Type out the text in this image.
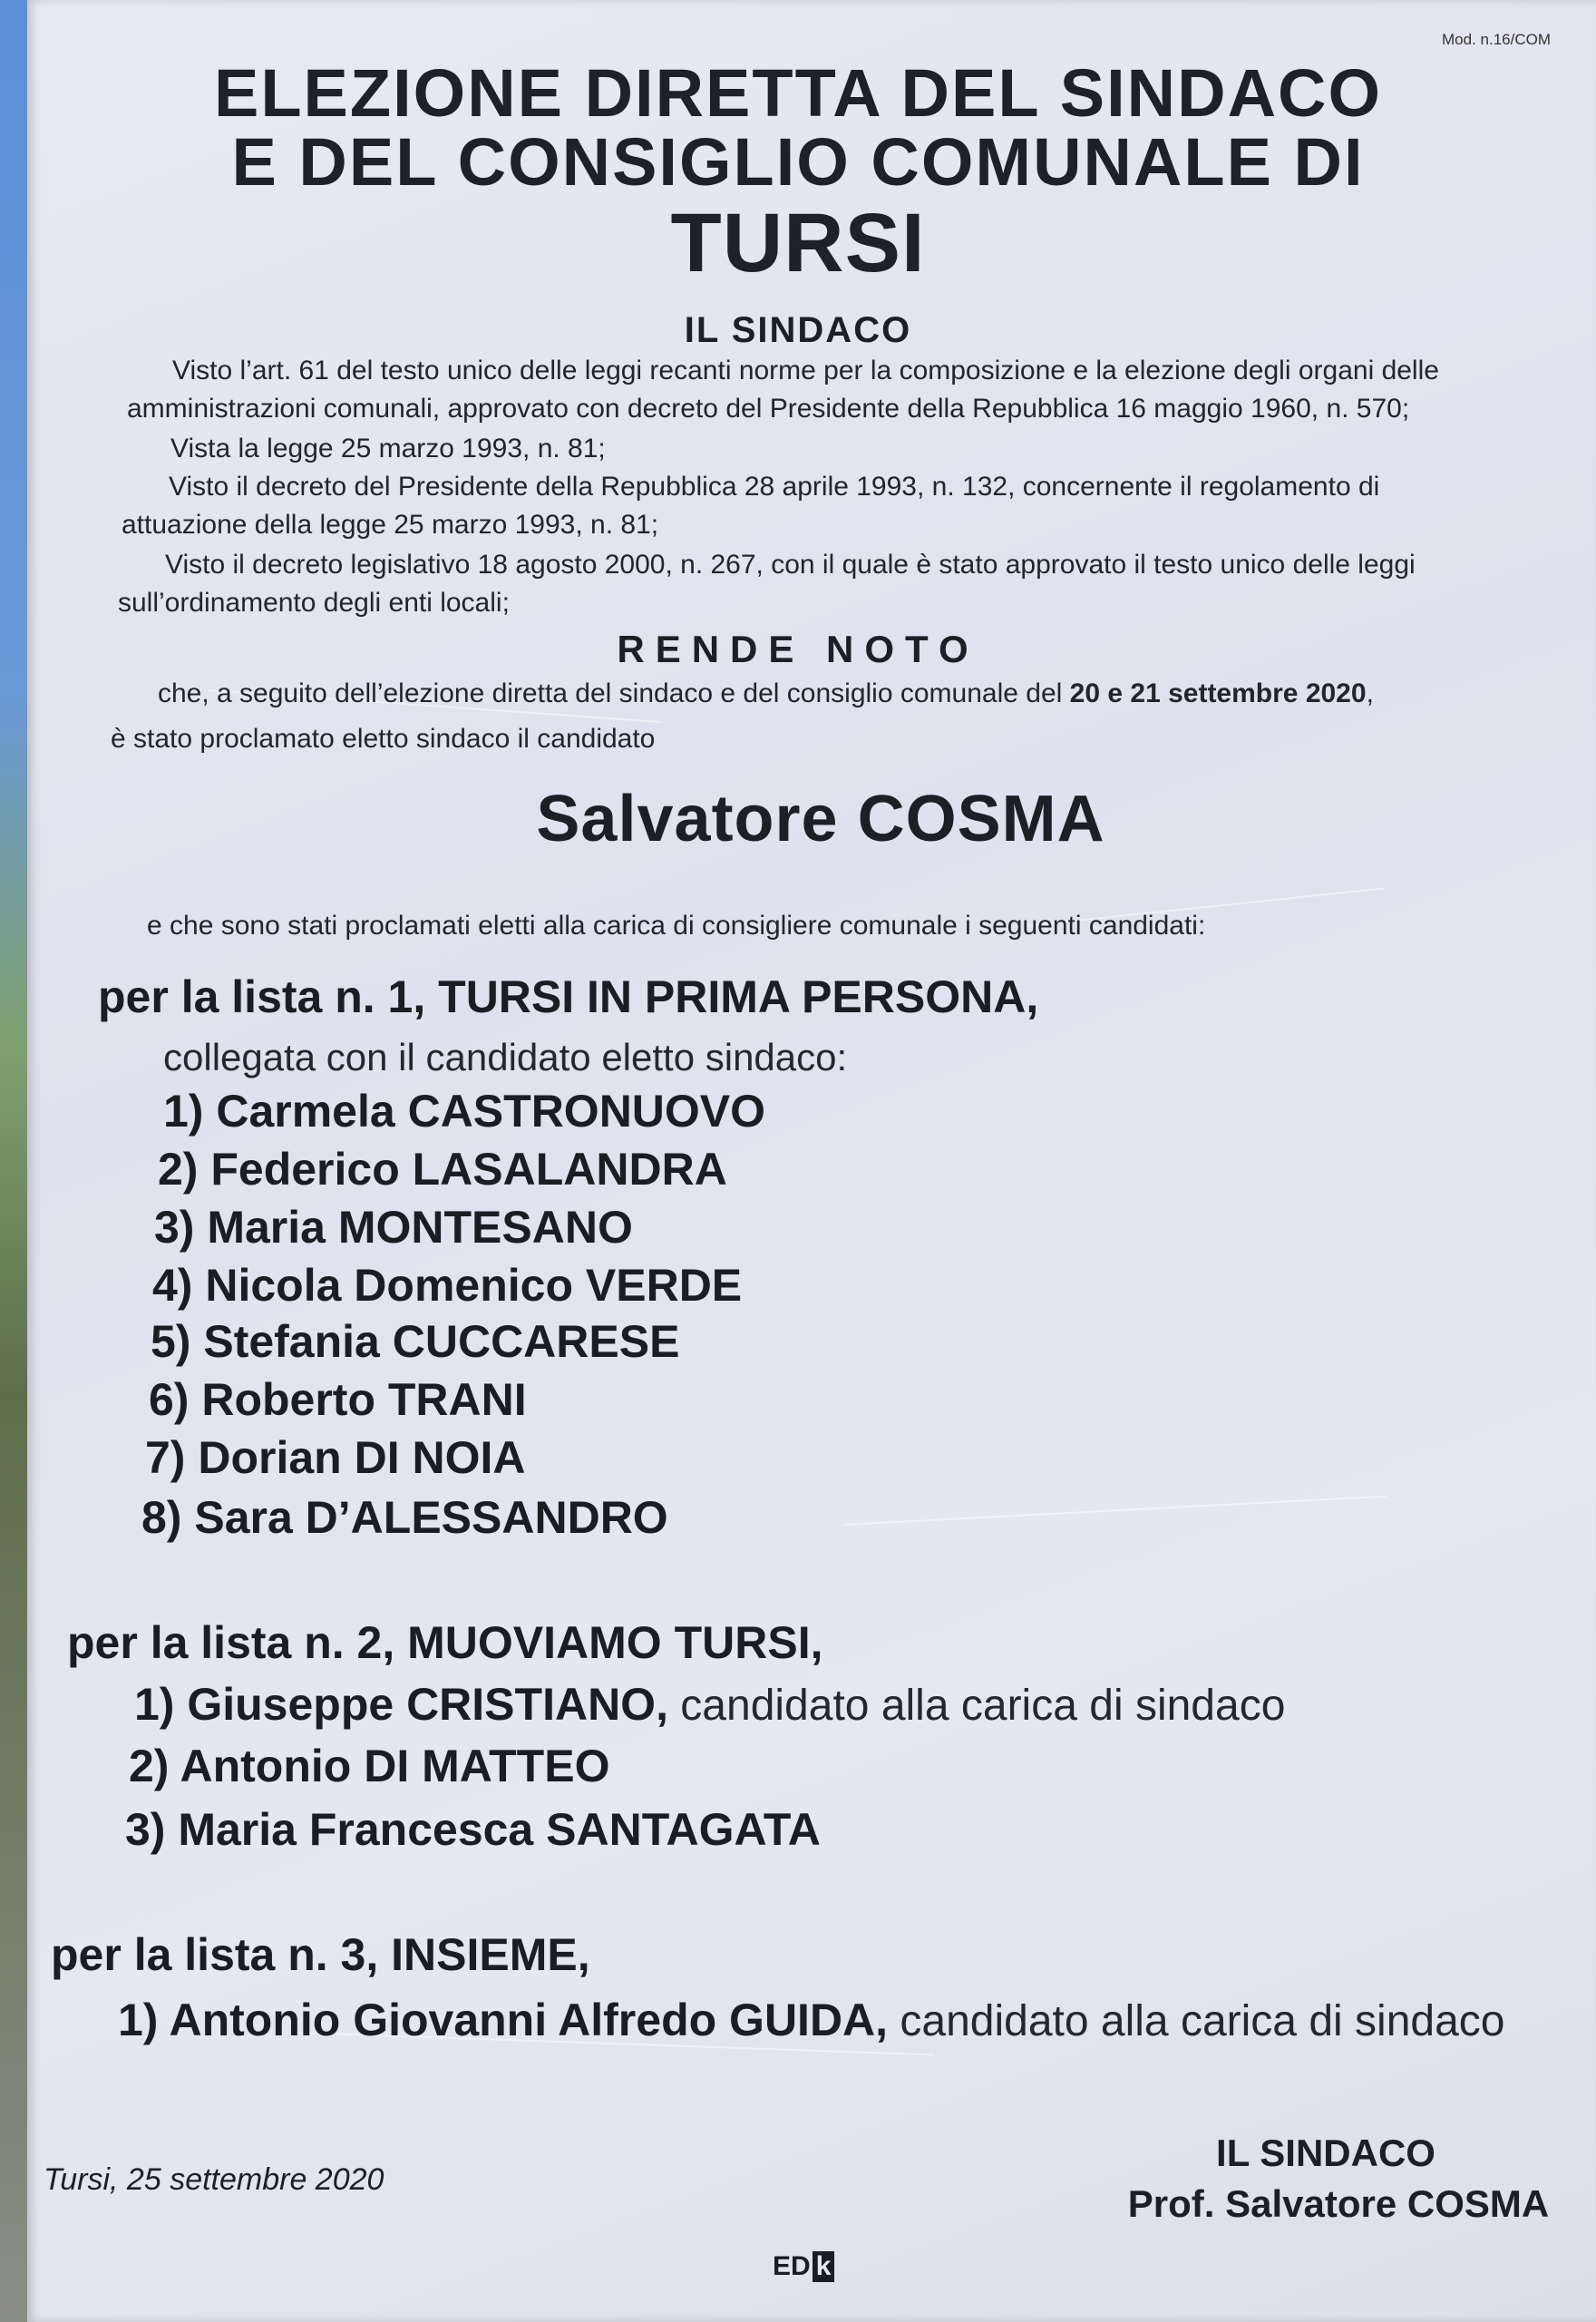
Mod. n.16/COM
ELEZIONE DIRETTA DEL SINDACO
E DEL CONSIGLIO COMUNALE DI
TURSI
IL SINDACO
Visto l’art. 61 del testo unico delle leggi recanti norme per la composizione e la elezione degli organi delle
amministrazioni comunali, approvato con decreto del Presidente della Repubblica 16 maggio 1960, n. 570;
Vista la legge 25 marzo 1993, n. 81;
Visto il decreto del Presidente della Repubblica 28 aprile 1993, n. 132, concernente il regolamento di
attuazione della legge 25 marzo 1993, n. 81;
Visto il decreto legislativo 18 agosto 2000, n. 267, con il quale è stato approvato il testo unico delle leggi
sull’ordinamento degli enti locali;
RENDE NOTO
che, a seguito dell’elezione diretta del sindaco e del consiglio comunale del 20 e 21 settembre 2020,
è stato proclamato eletto sindaco il candidato
Salvatore COSMA
e che sono stati proclamati eletti alla carica di consigliere comunale i seguenti candidati:
per la lista n. 1, TURSI IN PRIMA PERSONA,
collegata con il candidato eletto sindaco:
1) Carmela CASTRONUOVO
2) Federico LASALANDRA
3) Maria MONTESANO
4) Nicola Domenico VERDE
5) Stefania CUCCARESE
6) Roberto TRANI
7) Dorian DI NOIA
8) Sara D’ALESSANDRO
per la lista n. 2, MUOVIAMO TURSI,
1) Giuseppe CRISTIANO, candidato alla carica di sindaco
2) Antonio DI MATTEO
3) Maria Francesca SANTAGATA
per la lista n. 3, INSIEME,
1) Antonio Giovanni Alfredo GUIDA, candidato alla carica di sindaco
Tursi, 25 settembre 2020
IL SINDACO
Prof. Salvatore COSMA
ED k
